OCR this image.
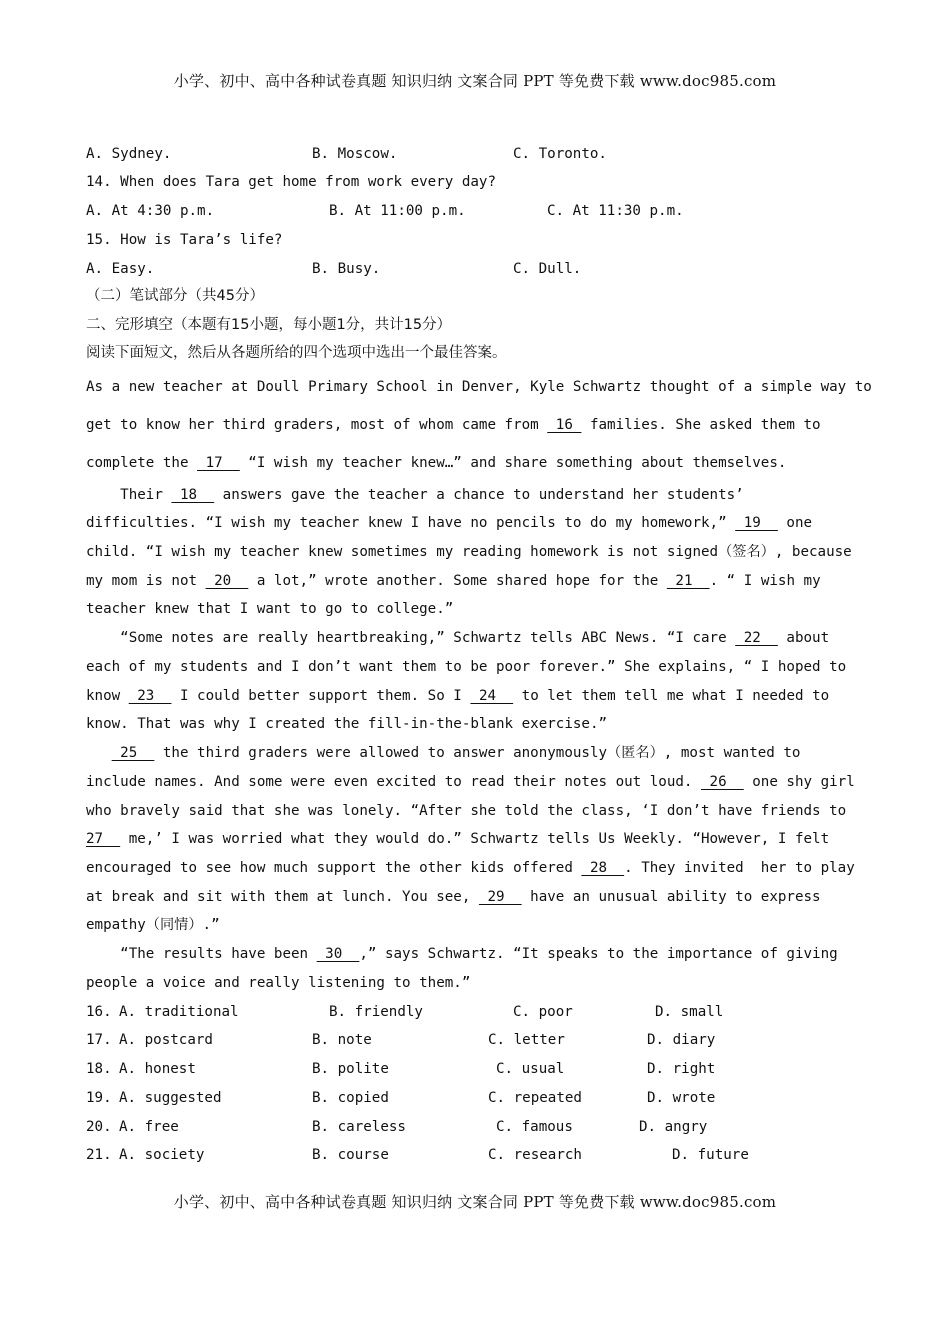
小学、初中、高中各种试卷真题 知识归纳 文案合同 PPT 等免费下载 www.doc985.com
A. Sydney.	B. Moscow.	C. Toronto.
14. When does Tara get home from work every day?
A. At 4:30 p.m.	B. At 11:00 p.m.	C. At 11:30 p.m.
15. How is Tara’s life?
A. Easy.	B. Busy.	C. Dull.
（二）笔试部分（共45分）
二、完形填空（本题有15小题，每小题1分，共计15分）
阅读下面短文，然后从各题所给的四个选项中选出一个最佳答案。
As a new teacher at Doull Primary School in Denver, Kyle Schwartz thought of a simple way to
get to know her third graders, most of whom came from  16  families. She asked them to
complete the  17   “I wish my teacher knew…” and share something about themselves.
Their  18   answers gave the teacher a chance to understand her students’
difficulties. “I wish my teacher knew I have no pencils to do my homework,”  19   one
child. “I wish my teacher knew sometimes my reading homework is not signed（签名）, because
my mom is not  20   a lot,” wrote another. Some shared hope for the  21  . “ I wish my
teacher knew that I want to go to college.”
“Some notes are really heartbreaking,” Schwartz tells ABC News. “I care  22   about
each of my students and I don’t want them to be poor forever.” She explains, “ I hoped to
know  23   I could better support them. So I  24   to let them tell me what I needed to
know. That was why I created the fill-in-the-blank exercise.”
25   the third graders were allowed to answer anonymously（匿名）, most wanted to
include names. And some were even excited to read their notes out loud.  26   one shy girl
who bravely said that she was lonely. “After she told the class, ‘I don’t have friends to
27   me,’ I was worried what they would do.” Schwartz tells Us Weekly. “However, I felt
encouraged to see how much support the other kids offered  28  . They invited  her to play
at break and sit with them at lunch. You see,  29   have an unusual ability to express
empathy（同情）.”
“The results have been  30  ,” says Schwartz. “It speaks to the importance of giving
people a voice and really listening to them.”
16. A. traditional	B. friendly	C. poor	D. small
17. A. postcard	B. note	C. letter	D. diary
18. A. honest	B. polite	C. usual	D. right
19. A. suggested	B. copied	C. repeated	D. wrote
20. A. free	B. careless	C. famous	D. angry
21. A. society	B. course	C. research	D. future
小学、初中、高中各种试卷真题 知识归纳 文案合同 PPT 等免费下载 www.doc985.com
